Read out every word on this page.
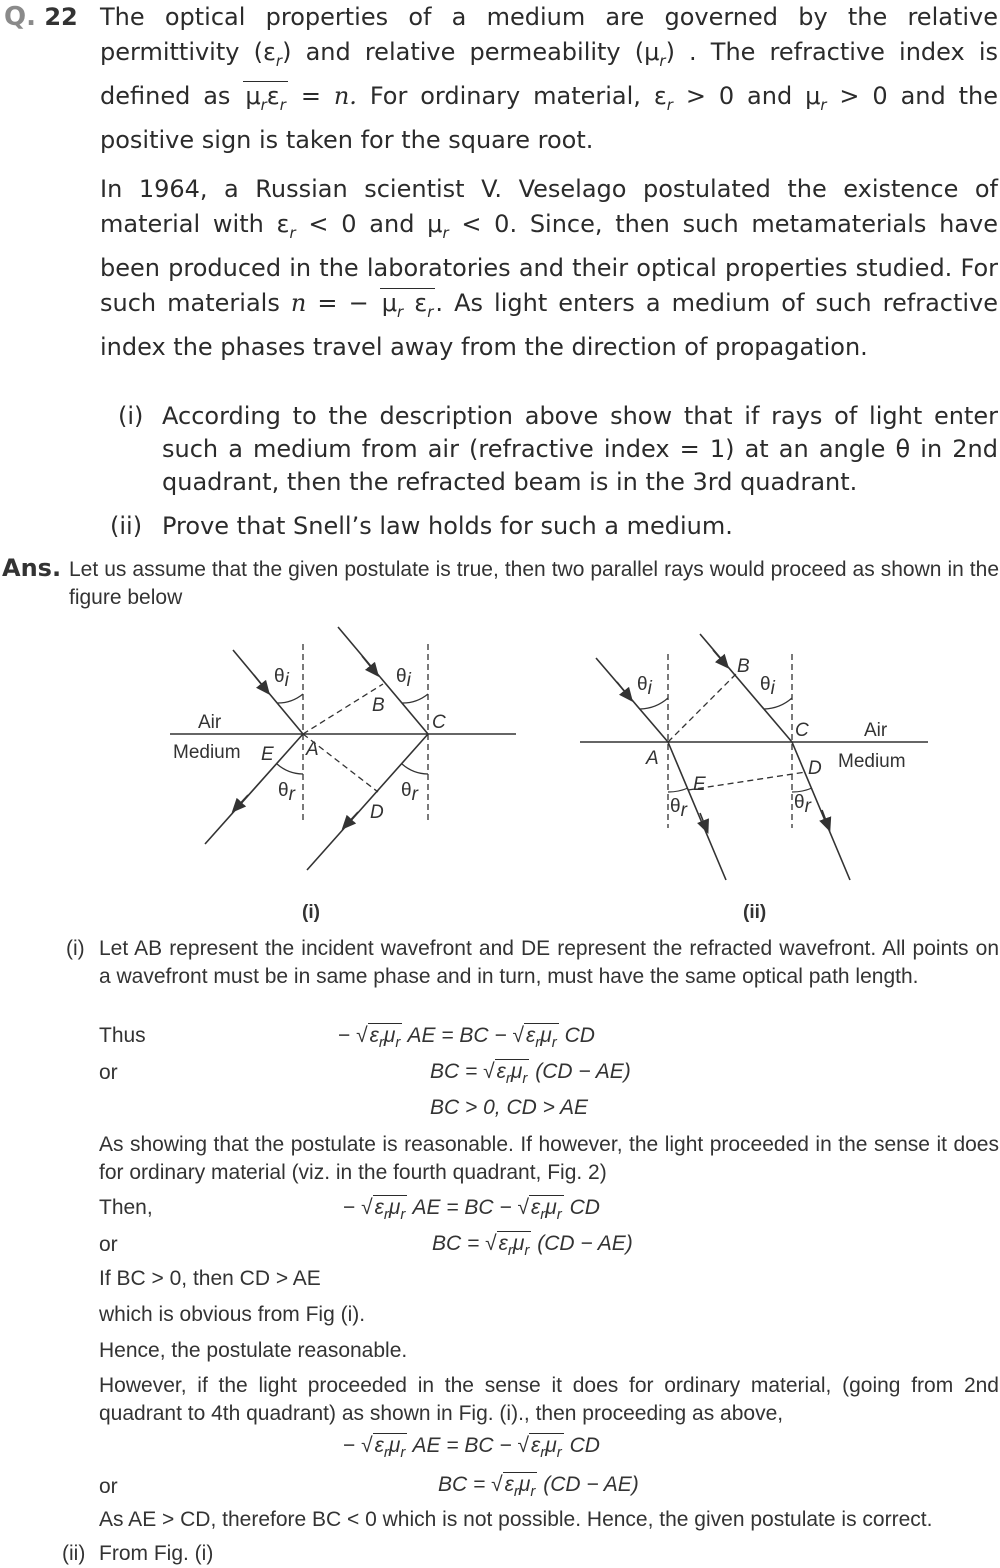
Q. 22 The optical properties of a medium are governed by the relative permittivity $(\varepsilon_r)$ and relative permeability $(\mu_r)$ . The refractive index is defined as $\mu_r\varepsilon_r = n$. For ordinary material, $\varepsilon_r > 0$ and $\mu_r > 0$ and the positive sign is taken for the square root.
In 1964, a Russian scientist V. Veselago postulated the existence of material with $\varepsilon_r < 0$ and $\mu_r < 0$. Since, then such metamaterials have been produced in the laboratories and their optical properties studied. For such materials n = − $\mu_r$ $\varepsilon_r$. As light enters a medium of such refractive index the phases travel away from the direction of propagation.
(i) According to the description above show that if rays of light enter such a medium from air (refractive index = 1) at an angle θ in 2nd quadrant, then the refracted beam is in the 3rd quadrant.
(ii) Prove that Snell’s law holds for such a medium.
Ans. Let us assume that the given postulate is true, then two parallel rays would proceed as shown in the figure below
Air
Medium	A
B
C
D
E
θi	θi
θr	θr
(i)
Air
Medium
A
B
C
D
E
θi	θi
θr	θr
(ii)
(i) Let AB represent the incident wavefront and DE represent the refracted wavefront. All points on a wavefront must be in same phase and in turn, must have the same optical path length.
Thus	− $√\varepsilon_r\mu_r$ AE = BC − $√\varepsilon_r\mu_r$ CD
or	BC = $√\varepsilon_r\mu_r$ (CD − AE)
BC > 0, CD > AE
As showing that the postulate is reasonable. If however, the light proceeded in the sense it does for ordinary material (viz. in the fourth quadrant, Fig. 2)
Then,	− $√\varepsilon_r\mu_r$ AE = BC − $√\varepsilon_r\mu_r$ CD
or	BC = $√\varepsilon_r\mu_r$ (CD − AE)
If BC > 0, then CD > AE
which is obvious from Fig (i).
Hence, the postulate reasonable.
However, if the light proceeded in the sense it does for ordinary material, (going from 2nd quadrant to 4th quadrant) as shown in Fig. (i)., then proceeding as above,
− $√\varepsilon_r\mu_r$ AE = BC − $√\varepsilon_r\mu_r$ CD
or	BC = $√\varepsilon_r\mu_r$ (CD − AE)
As AE > CD, therefore BC < 0 which is not possible. Hence, the given postulate is correct.
(ii) From Fig. (i)
